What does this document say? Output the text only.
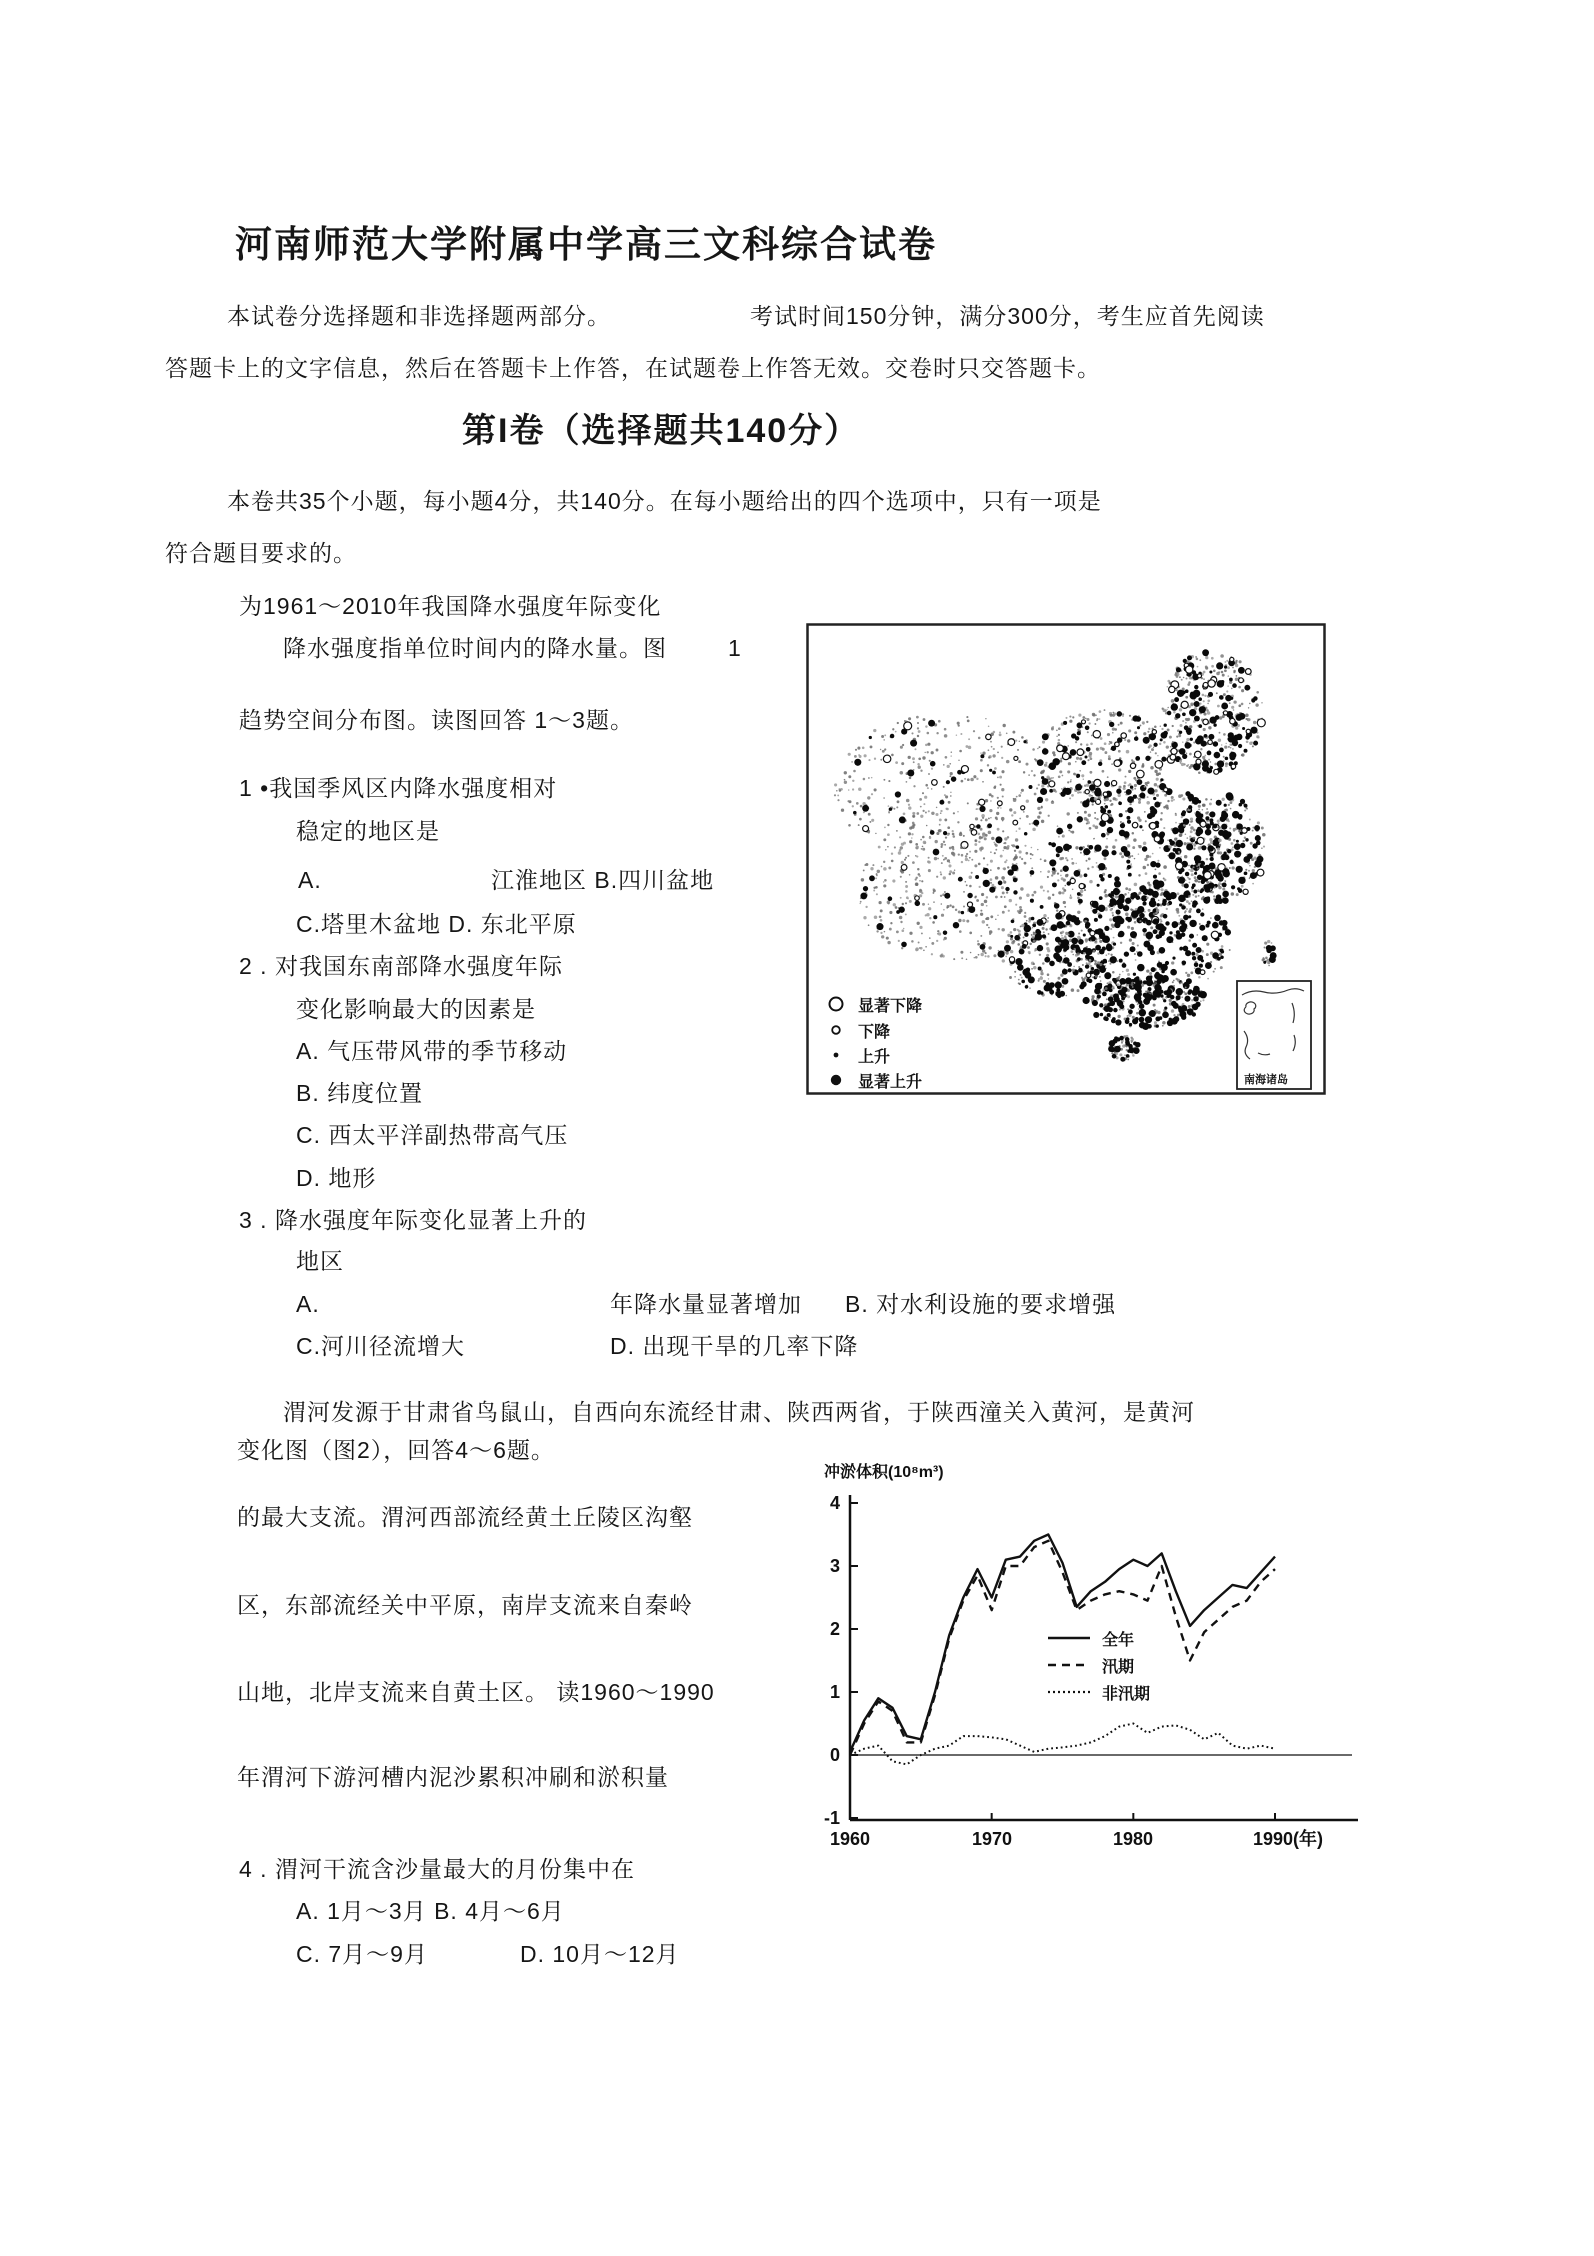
河南师范大学附属中学高三文科综合试卷
本试卷分选择题和非选择题两部分。	考试时间150分钟，满分300分，考生应首先阅读
答题卡上的文字信息，然后在答题卡上作答，在试题卷上作答无效。交卷时只交答题卡。
第I卷（选择题共140分）
本卷共35个小题，每小题4分，共140分。在每小题给出的四个选项中，只有一项是
符合题目要求的。
为1961～2010年我国降水强度年际变化
降水强度指单位时间内的降水量。图	1
趋势空间分布图。读图回答 1～3题。
1 •我国季风区内降水强度相对
稳定的地区是
A.	江淮地区 B.四川盆地
C.塔里木盆地 D. 东北平原
2 . 对我国东南部降水强度年际
变化影响最大的因素是
A. 气压带风带的季节移动
B. 纬度位置
C. 西太平洋副热带高气压
D. 地形
3 . 降水强度年际变化显著上升的
地区
A.	年降水量显著增加 B. 对水利设施的要求增强
C.河川径流增大	D. 出现干旱的几率下降
渭河发源于甘肃省鸟鼠山，自西向东流经甘肃、陕西两省，于陕西潼关入黄河，是黄河
变化图（图2），回答4～6题。
的最大支流。渭河西部流经黄土丘陵区沟壑
区，东部流经关中平原，南岸支流来自秦岭
山地，北岸支流来自黄土区。 读1960～1990
年渭河下游河槽内泥沙累积冲刷和淤积量
4 . 渭河干流含沙量最大的月份集中在
A. 1月～3月 B. 4月～6月
C. 7月～9月	D. 10月～12月
显著下降
下降
上升
显著上升	南海诸岛
冲淤体积(10⁸m³)
4
3
2
1
0
-1
1960	1970	1980	1990(年)
全年
汛期
非汛期
